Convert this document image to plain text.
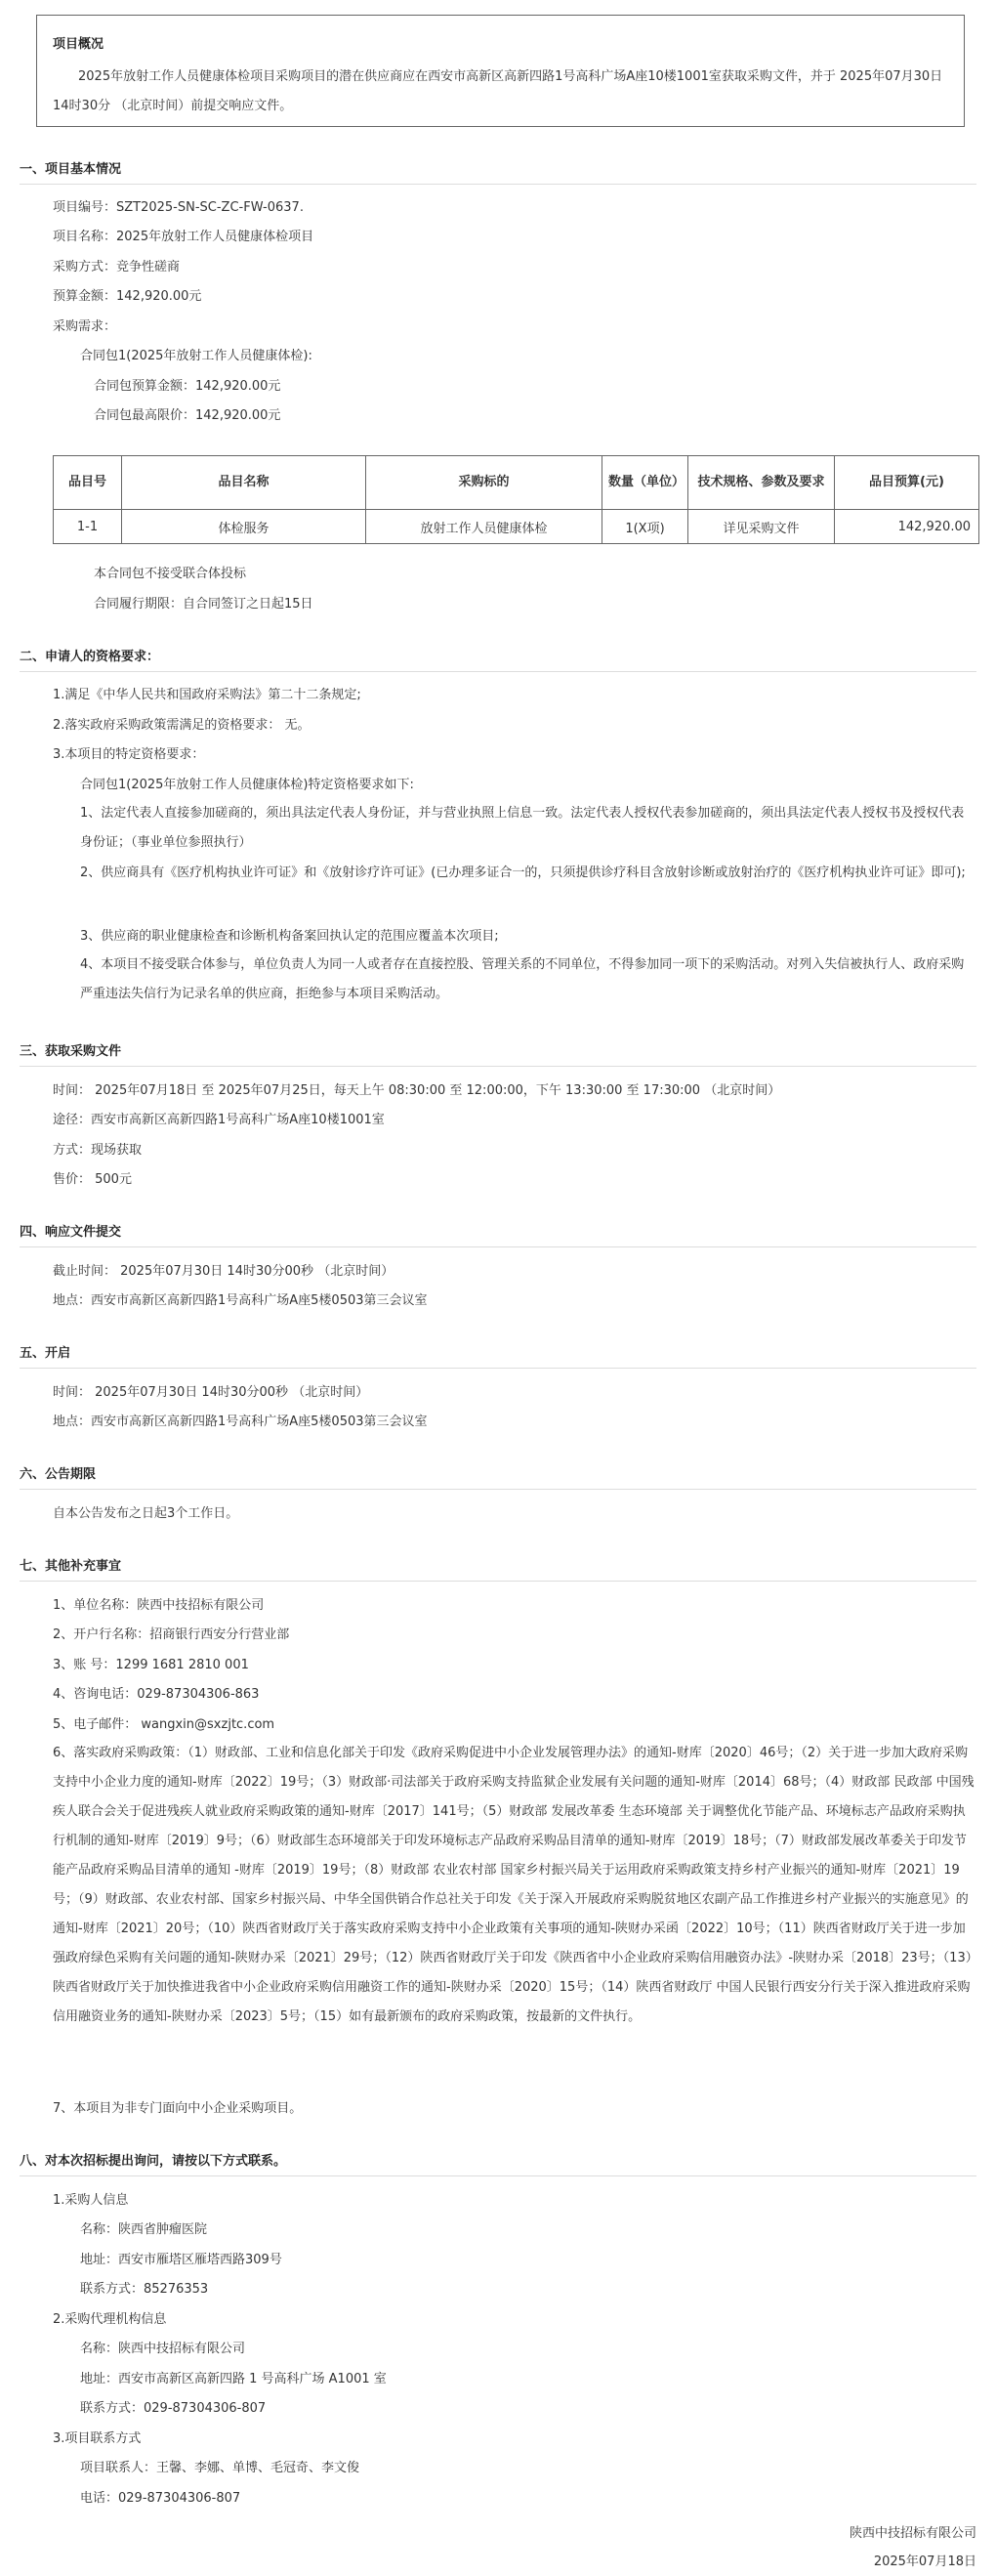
项目概况
2025年放射工作人员健康体检项目采购项目的潜在供应商应在西安市高新区高新四路1号高科广场A座10楼1001室获取采购文件，并于 2025年07月30日 14时30分 （北京时间）前提交响应文件。
一、项目基本情况
项目编号：SZT2025-SN-SC-ZC-FW-0637.
项目名称：2025年放射工作人员健康体检项目
采购方式：竞争性磋商
预算金额：142,920.00元
采购需求：
合同包1(2025年放射工作人员健康体检):
合同包预算金额：142,920.00元
合同包最高限价：142,920.00元
品目号	品目名称	采购标的	数量（单位）	技术规格、参数及要求	品目预算(元)
1-1	体检服务	放射工作人员健康体检	1(X项)	详见采购文件	142,920.00
本合同包不接受联合体投标
合同履行期限：自合同签订之日起15日
二、申请人的资格要求：
1.满足《中华人民共和国政府采购法》第二十二条规定;
2.落实政府采购政策需满足的资格要求： 无。
3.本项目的特定资格要求：
合同包1(2025年放射工作人员健康体检)特定资格要求如下:
1、法定代表人直接参加磋商的，须出具法定代表人身份证，并与营业执照上信息一致。法定代表人授权代表参加磋商的，须出具法定代表人授权书及授权代表身份证；（事业单位参照执行）
2、供应商具有《医疗机构执业许可证》和《放射诊疗许可证》(已办理多证合一的，只须提供诊疗科目含放射诊断或放射治疗的《医疗机构执业许可证》即可);
3、供应商的职业健康检查和诊断机构备案回执认定的范围应覆盖本次项目;
4、本项目不接受联合体参与，单位负责人为同一人或者存在直接控股、管理关系的不同单位，不得参加同一项下的采购活动。对列入失信被执行人、政府采购严重违法失信行为记录名单的供应商，拒绝参与本项目采购活动。
三、获取采购文件
时间： 2025年07月18日 至 2025年07月25日，每天上午 08:30:00 至 12:00:00，下午 13:30:00 至 17:30:00 （北京时间）
途径：西安市高新区高新四路1号高科广场A座10楼1001室
方式：现场获取
售价： 500元
四、响应文件提交
截止时间： 2025年07月30日 14时30分00秒 （北京时间）
地点：西安市高新区高新四路1号高科广场A座5楼0503第三会议室
五、开启
时间： 2025年07月30日 14时30分00秒 （北京时间）
地点：西安市高新区高新四路1号高科广场A座5楼0503第三会议室
六、公告期限
自本公告发布之日起3个工作日。
七、其他补充事宜
1、单位名称：陕西中技招标有限公司
2、开户行名称：招商银行西安分行营业部
3、账 号：1299 1681 2810 001
4、咨询电话：029-87304306-863
5、电子邮件： wangxin@sxzjtc.com
6、落实政府采购政策：（1）财政部、工业和信息化部关于印发《政府采购促进中小企业发展管理办法》的通知-财库〔2020〕46号；（2）关于进一步加大政府采购支持中小企业力度的通知-财库〔2022〕19号；（3）财政部·司法部关于政府采购支持监狱企业发展有关问题的通知-财库〔2014〕68号；（4）财政部 民政部 中国残疾人联合会关于促进残疾人就业政府采购政策的通知-财库〔2017〕141号；（5）财政部 发展改革委 生态环境部 关于调整优化节能产品、环境标志产品政府采购执行机制的通知-财库〔2019〕9号；（6）财政部生态环境部关于印发环境标志产品政府采购品目清单的通知-财库〔2019〕18号；（7）财政部发展改革委关于印发节能产品政府采购品目清单的通知 -财库〔2019〕19号；（8）财政部 农业农村部 国家乡村振兴局关于运用政府采购政策支持乡村产业振兴的通知-财库〔2021〕19号；（9）财政部、农业农村部、国家乡村振兴局、中华全国供销合作总社关于印发《关于深入开展政府采购脱贫地区农副产品工作推进乡村产业振兴的实施意见》的通知-财库〔2021〕20号；（10）陕西省财政厅关于落实政府采购支持中小企业政策有关事项的通知-陕财办采函〔2022〕10号；（11）陕西省财政厅关于进一步加强政府绿色采购有关问题的通知-陕财办采〔2021〕29号；（12）陕西省财政厅关于印发《陕西省中小企业政府采购信用融资办法》-陕财办采〔2018〕23号；（13）陕西省财政厅关于加快推进我省中小企业政府采购信用融资工作的通知-陕财办采〔2020〕15号；（14）陕西省财政厅 中国人民银行西安分行关于深入推进政府采购信用融资业务的通知-陕财办采〔2023〕5号；（15）如有最新颁布的政府采购政策，按最新的文件执行。
7、本项目为非专门面向中小企业采购项目。
八、对本次招标提出询问，请按以下方式联系。
1.采购人信息
名称：陕西省肿瘤医院
地址：西安市雁塔区雁塔西路309号
联系方式：85276353
2.采购代理机构信息
名称：陕西中技招标有限公司
地址：西安市高新区高新四路 1 号高科广场 A1001 室
联系方式：029-87304306-807
3.项目联系方式
项目联系人：王馨、李娜、单博、毛冠奇、李文俊
电话：029-87304306-807
陕西中技招标有限公司
2025年07月18日
